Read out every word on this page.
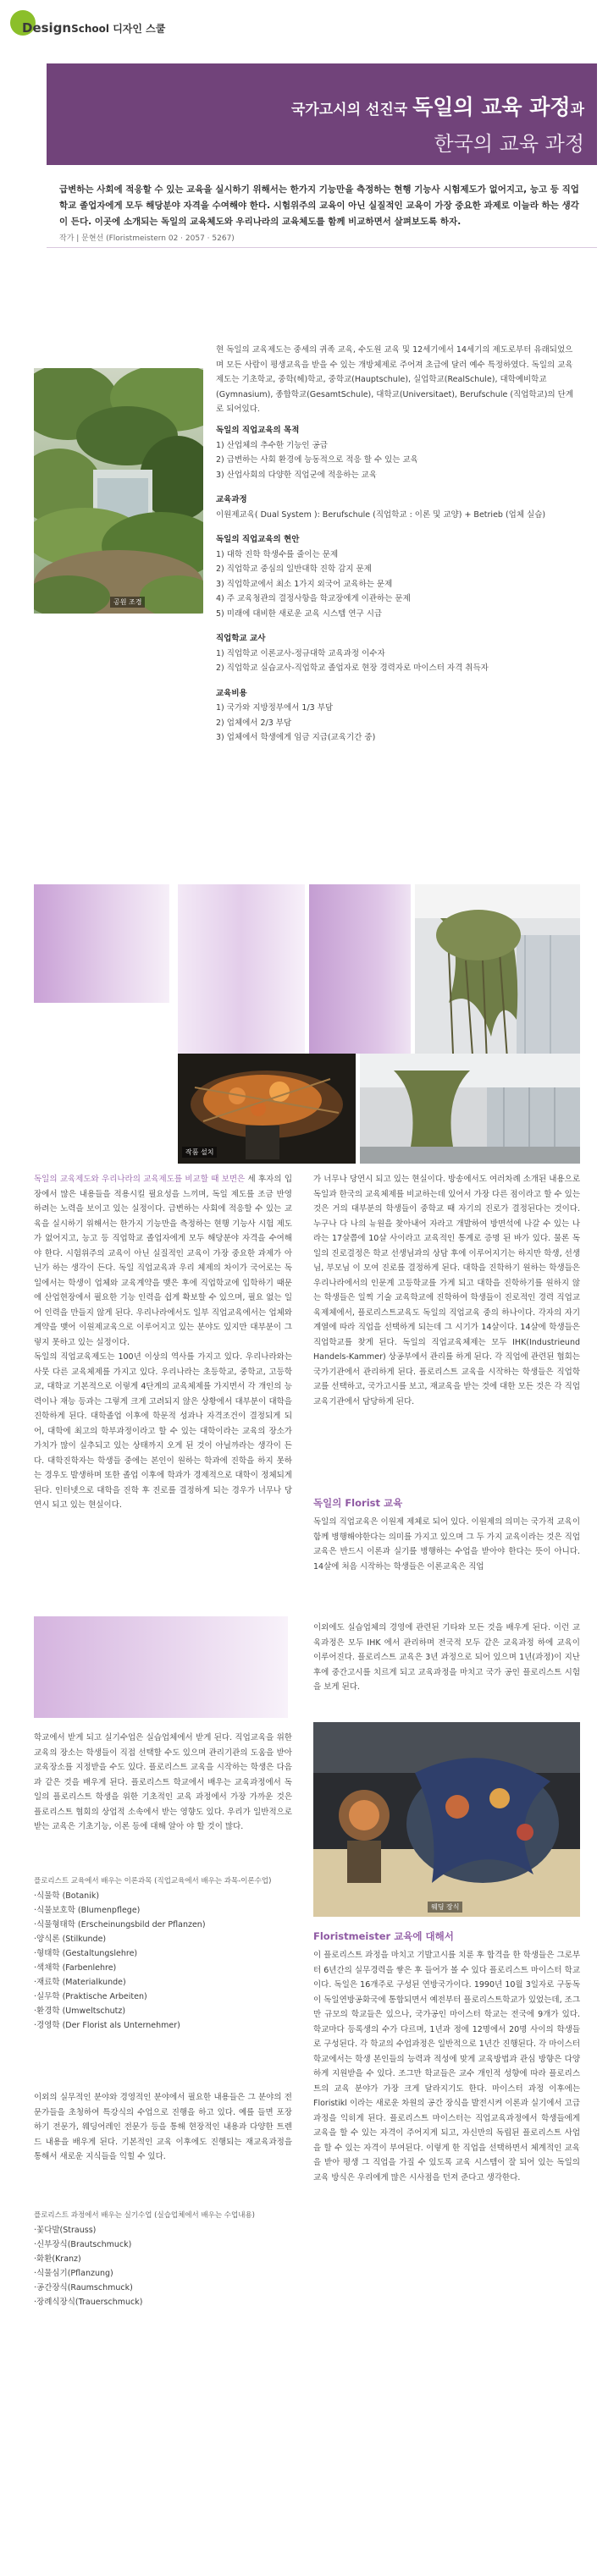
DesignSchool 디자인 스쿨
국가고시의 선진국 독일의 교육 과정과
한국의 교육 과정
급변하는 사회에 적응할 수 있는 교육을 실시하기 위해서는 한가지 기능만을 측정하는 현행 기능사 시험제도가 없어지고, 능고 등 직업학교 졸업자에게 모두 해당분야 자격을 수여해야 한다. 시험위주의 교육이 아닌 실질적인 교육이 가장 중요한 과제로 이늘라 하는 생각이 든다. 이곳에 소개되는 독일의 교육체도와 우리나라의 교육체도를 함께 비교하면서 살펴보도록 하자.
작가 | 문현선 (Floristmeistern 02 · 2057 · 5267)
현 독일의 교육제도는 중세의 귀족 교육, 수도원 교육 및 12세기에서 14세기의 제도로부터 유래되었으며 모든 사람이 평생교육을 받을 수 있는 개방체제로 주어져 초급에 달러 예수 특정하였다. 독일의 교육제도는 기초학교, 중학(헤)학교, 중학교(Hauptschule), 실업학교(RealSchule), 대학예비학교(Gymnasium), 종합학교(GesamtSchule), 대학교(Universitaet), Berufschule (직업학교)의 단계로 되어있다.
공원 조경
독일의 직업교육의 목적
1) 산업체의 추수한 기능인 공급
2) 급변하는 사회 환경에 능동적으로 적응 할 수 있는 교육
3) 산업사회의 다양한 직업군에 적응하는 교육
교육과정
이원제교육( Dual System ): Berufschule (직업학교 : 이론 및 교양) + Betrieb (업체 실습)
독일의 직업교육의 현안
1) 대학 진학 학생수를 줄이는 문제
2) 직업학교 중심의 일반대학 진학 감지 문제
3) 직업학교에서 최소 1가지 외국어 교육하는 문제
4) 주 교육청관의 결정사항을 학교장에게 이관하는 문제
5) 미래에 대비한 새로운 교육 시스템 연구 시급
직업학교 교사
1) 직업학교 이론교사-정규대학 교육과정 이수자
2) 직업학교 실습교사-직업학교 졸업자로 현장 경력자로 마이스터 자격 취득자
교육비용
1) 국가와 지방정부에서 1/3 부담
2) 업체에서 2/3 부담
3) 업체에서 학생에게 임금 지급(교육기간 중)
작품 설치

독일의 교육제도와 우리나라의 교육제도를 비교할 때 보면은 세 후자의 입장에서 많은 내용들을 적용시킬 필요성을 느끼며, 독일 제도를 조금 반영하려는 노력을 보이고 있는 실정이다. 급변하는 사회에 적응할 수 있는 교육을 실시하기 위해서는 한가지 기능만을 측정하는 현행 기능사 시험 제도가 없어지고, 능고 등 직업학교 졸업자에게 모두 해당분야 자격을 수여해야 한다. 시험위주의 교육이 아닌 실질적인 교육이 가장 중요한 과제가 아닌가 하는 생각이 든다. 독일 직업교육과 우리 체제의 차이가 국어로는 독일에서는 학생이 업체와 교육계약을 맺은 후에 직업학교에 입학하기 때문에 산업현장에서 필요한 기능 인력을 쉽게 확보할 수 있으며, 필요 없는 일어 인력을 만들지 않게 된다. 우리나라에서도 일부 직업교육에서는 업체와 계약을 맺어 이원제교육으로 이루어지고 있는 분야도 있지만 대부분이 그렇지 못하고 있는 실정이다.

독일의 직업교육제도는 100년 이상의 역사를 가지고 있다. 우리나라와는 사뭇 다른 교육체제를 가지고 있다. 우리나라는 초등학교, 중학교, 고등학교, 대학교 기본적으로 이렇게 4단계의 교육체제를 가지면서 각 개인의 능력이나 재능 등과는 그렇게 크게 고려되지 않은 상황에서 대부분이 대학을 진학하게 된다. 대학졸업 이후에 학문적 성과나 자격조건이 결정되게 되어, 대학에 최고의 학부과정이라고 할 수 있는 대학이라는 교육의 장소가 가치가 많이 실추되고 있는 상태까지 오게 된 것이 아닐까라는 생각이 든다. 대학진학자는 학생들 중에는 본인이 원하는 학과에 진학을 하지 못하는 경우도 발생하며 또한 졸업 이후에 학과가 경제적으로 대학이 정체되게 된다. 인터넷으로 대학을 진학 후 진로를 결정하게 되는 경우가 너무나 당연시 되고 있는 현실이다.

가 너무나 당연시 되고 있는 현실이다. 방송에서도 여러차례 소개된 내용으로 독일과 한국의 교육체제를 비교하는데 있어서 가장 다른 점이라고 할 수 있는 것은 거의 대부분의 학생들이 중학교 때 자기의 진로가 결정된다는 것이다. 누구나 다 나의 뉴원을 찾아내어 자라고 개발하여 방면석에 나갈 수 있는 나라는 17살쯤에 10살 사이라고 교육적인 통계로 증명 된 바가 있다. 물론 독일의 진로결정은 학교 선생님과의 상담 후에 이루어지기는 하지만 학생, 선생님, 부모님 이 모여 진로를 결정하게 된다. 대학을 진학하기 원하는 학생들은 우리나라에서의 인문계 고등학교를 가게 되고 대학을 진학하기를 원하지 않는 학생들은 일찍 기술 교육학교에 진학하여 학생들이 진로적인 경력 직업교육제체에서, 플로리스트교육도 독일의 직업교육 중의 하나이다. 각자의 자기 계열에 따라 직업을 선택하게 되는데 그 시기가 14살이다. 14살에 학생들은 직업학교를 찾게 된다. 독일의 직업교육체제는 모두 IHK(Industrieund Handels-Kammer) 상공부에서 관리를 하게 된다. 각 직업에 관련된 협회는 국가기관에서 관리하게 된다. 플로리스트 교육을 시작하는 학생들은 직업학교를 선택하고, 국가고시를 보고, 재교육을 받는 것에 대한 모든 것은 각 직업교육기관에서 담당하게 된다.
독일의 Florist 교육
독일의 직업교육은 이원제 제체로 되어 있다. 이원제의 의미는 국가적 교육이 함께 병행해야한다는 의미를 가지고 있으며 그 두 가지 교육이라는 것은 직업교육은 반드시 이론과 실기를 병행하는 수업을 받아야 한다는 뜻이 아니다. 14살에 처음 시작하는 학생들은 이론교육은 직업
이외에도 실습업체의 경영에 관련된 기타와 모든 것을 배우게 된다. 이런 교육과정은 모두 IHK 에서 관리하며 전국적 모두 같은 교육과정 하에 교육이 이루어진다. 플로리스트 교육은 3년 과정으로 되어 있으며 1년(과정)이 지난 후에 중간고시를 치르게 되고 교육과정을 마치고 국가 공인 플로리스트 시험을 보게 된다.
학교에서 받게 되고 실기수업은 실습업체에서 받게 된다. 직업교육을 위한 교육의 장소는 학생들이 직접 선택할 수도 있으며 관리기관의 도움을 받아 교육장소를 지정받을 수도 있다. 플로리스트 교육을 시작하는 학생은 다음과 같은 것을 배우게 된다. 플로리스트 학교에서 배우는 교육과정에서 독일의 플로리스트 학생을 위한 기초적인 교육 과정에서 가장 가까운 것은 플로리스트 협회의 상업적 소속에서 받는 영향도 있다. 우리가 일반적으로 받는 교육은 기초기능, 이론 등에 대해 알아 야 할 것이 많다.
플로리스트 교육에서 배우는 이론과목 (직업교육에서 배우는 과목-이론수업)
·식물학 (Botanik)
·식물보호학 (Blumenpflege)
·식물형태학 (Erscheinungsbild der Pflanzen)
·양식론 (Stilkunde)
·형태학 (Gestaltungslehre)
·색채학 (Farbenlehre)
·재료학 (Materialkunde)
·실무학 (Praktische Arbeiten)
·환경학 (Umweltschutz)
·경영학 (Der Florist als Unternehmer)
이외의 실무적인 분야와 경영적인 분야에서 필요한 내용들은 그 분야의 전문가들을 초청하여 특강식의 수업으로 진행을 하고 있다. 예를 들면 포장하기 전문가, 웨딩어레인 전문가 등을 통해 현장적인 내용과 다양한 트렌드 내용을 배우게 된다. 기본적인 교육 이후에도 진행되는 재교육과정을 통해서 새로운 지식들을 익힐 수 있다.
플로리스트 과정에서 배우는 실기수업 (실습업체에서 배우는 수업내용)
·꽃다발(Strauss)
·신부장식(Brautschmuck)
·화환(Kranz)
·식물심기(Pflanzung)
·공간장식(Raumschmuck)
·장례식장식(Trauerschmuck)
웨딩 장식
Floristmeister 교육에 대해서
이 플로리스트 과정을 마치고 기발고시를 치룬 후 합격을 한 학생들은 그로부터 6년간의 실무경력을 쌓은 후 들어가 볼 수 있다 플로리스트 마이스터 학교이다. 독일은 16개주로 구성된 연방국가이다. 1990년 10월 3일자로 구동독이 독일연방공화국에 통합되면서 예전부터 플로리스트학교가 있었는데, 조그만 규모의 학교들은 있으나, 국가공인 마이스터 학교는 전국에 9개가 있다. 학교마다 등록생의 수가 다르며, 1년과 정에 12명에서 20명 사이의 학생들로 구성된다. 각 학교의 수업과정은 일반적으로 1년간 진행된다. 각 마이스터 학교에서는 학생 본인들의 능력과 적성에 맞게 교육방법과 관심 방향은 다양하게 지원받을 수 있다. 조그만 학교들은 교수 개인적 성향에 따라 플로리스트의 교육 분야가 가장 크게 달라지기도 한다. 마이스터 과정 이후에는 Floristikl 이라는 새로운 차원의 공간 장식을 발전시켜 이론과 실기에서 고급과정을 익히게 된다. 플로리스트 마이스터는 직업교육과정에서 학생들에게 교육을 할 수 있는 자격이 주어지게 되고, 자신만의 독립된 플로리스트 사업을 할 수 있는 자격이 부여된다. 이렇게 한 직업을 선택하면서 체계적인 교육을 받아 평생 그 직업을 가질 수 있도록 교육 시스템이 잘 되어 있는 독일의 교육 방식은 우리에게 많은 시사점을 던져 준다고 생각한다.
